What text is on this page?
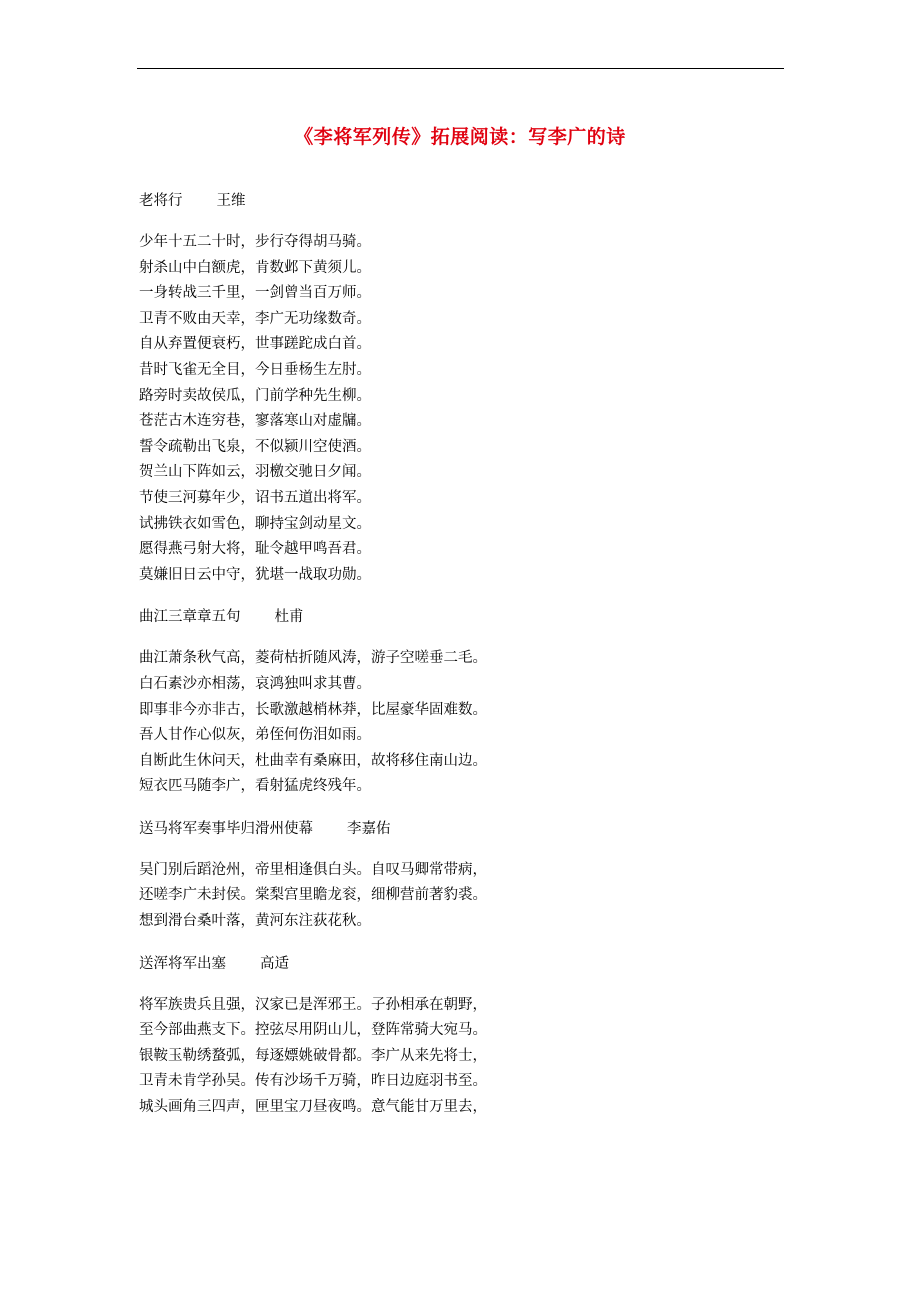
《李将军列传》拓展阅读：写李广的诗
老将行 王维
少年十五二十时，步行夺得胡马骑。
射杀山中白额虎，肯数邺下黄须儿。
一身转战三千里，一剑曾当百万师。
卫青不败由天幸，李广无功缘数奇。
自从弃置便衰朽，世事蹉跎成白首。
昔时飞雀无全目，今日垂杨生左肘。
路旁时卖故侯瓜，门前学种先生柳。
苍茫古木连穷巷，寥落寒山对虚牖。
誓令疏勒出飞泉，不似颍川空使酒。
贺兰山下阵如云，羽檄交驰日夕闻。
节使三河募年少，诏书五道出将军。
试拂铁衣如雪色，聊持宝剑动星文。
愿得燕弓射大将，耻令越甲鸣吾君。
莫嫌旧日云中守，犹堪一战取功勋。
曲江三章章五句 杜甫
曲江萧条秋气高，菱荷枯折随风涛，游子空嗟垂二毛。
白石素沙亦相荡，哀鸿独叫求其曹。
即事非今亦非古，长歌激越梢林莽，比屋豪华固难数。
吾人甘作心似灰，弟侄何伤泪如雨。
自断此生休问天，杜曲幸有桑麻田，故将移住南山边。
短衣匹马随李广，看射猛虎终残年。
送马将军奏事毕归滑州使幕 李嘉佑
吴门别后蹈沧州，帝里相逢俱白头。自叹马卿常带病，
还嗟李广未封侯。棠梨宫里瞻龙衮，细柳营前著豹裘。
想到滑台桑叶落，黄河东注荻花秋。
送浑将军出塞 高适
将军族贵兵且强，汉家已是浑邪王。子孙相承在朝野，
至今部曲燕支下。控弦尽用阴山儿，登阵常骑大宛马。
银鞍玉勒绣蝥弧，每逐嫖姚破骨都。李广从来先将士，
卫青未肯学孙吴。传有沙场千万骑，昨日边庭羽书至。
城头画角三四声，匣里宝刀昼夜鸣。意气能甘万里去，
